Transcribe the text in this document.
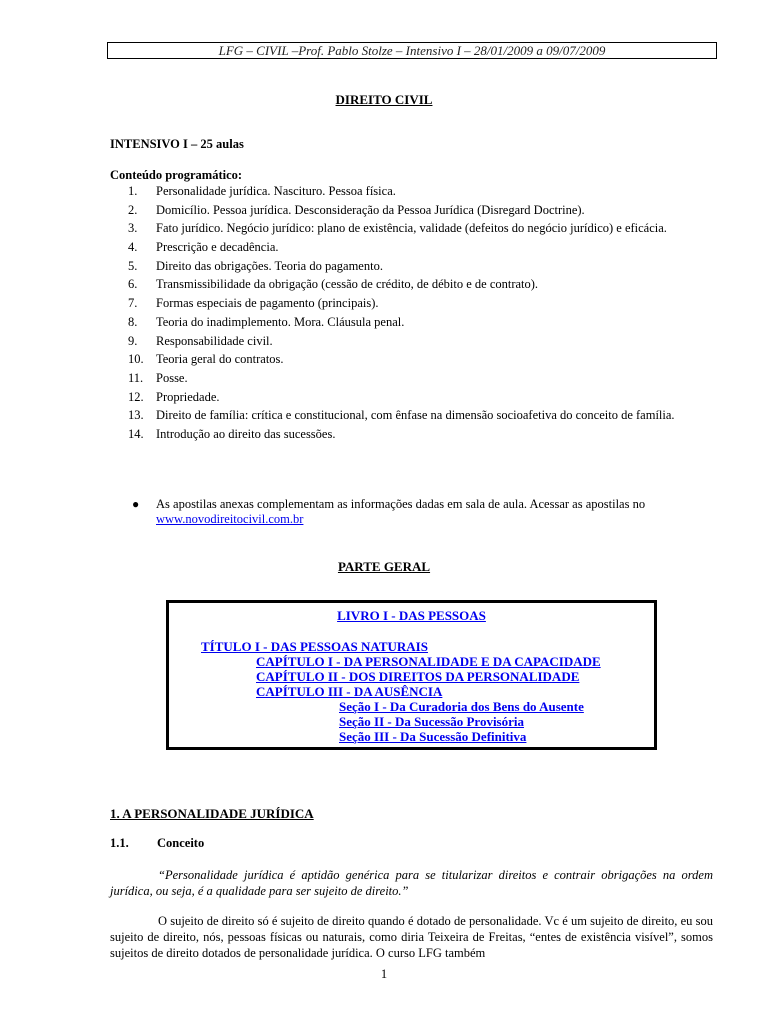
LFG – CIVIL –Prof. Pablo Stolze – Intensivo I – 28/01/2009 a 09/07/2009
DIREITO CIVIL
INTENSIVO I – 25 aulas
Conteúdo programático:
1. Personalidade jurídica. Nascituro. Pessoa física.
2. Domicílio. Pessoa jurídica. Desconsideração da Pessoa Jurídica (Disregard Doctrine).
3. Fato jurídico. Negócio jurídico: plano de existência, validade (defeitos do negócio jurídico) e eficácia.
4. Prescrição e decadência.
5. Direito das obrigações. Teoria do pagamento.
6. Transmissibilidade da obrigação (cessão de crédito, de débito e de contrato).
7. Formas especiais de pagamento (principais).
8. Teoria do inadimplemento. Mora. Cláusula penal.
9. Responsabilidade civil.
10. Teoria geral do contratos.
11. Posse.
12. Propriedade.
13. Direito de família: crítica e constitucional, com ênfase na dimensão socioafetiva do conceito de família.
14. Introdução ao direito das sucessões.
● As apostilas anexas complementam as informações dadas em sala de aula. Acessar as apostilas no www.novodireitocivil.com.br
PARTE GERAL
LIVRO I - DAS PESSOAS
TÍTULO I - DAS PESSOAS NATURAIS
CAPÍTULO I - DA PERSONALIDADE E DA CAPACIDADE
CAPÍTULO II - DOS DIREITOS DA PERSONALIDADE
CAPÍTULO III - DA AUSÊNCIA
Seção I - Da Curadoria dos Bens do Ausente
Seção II - Da Sucessão Provisória
Seção III - Da Sucessão Definitiva
1. A PERSONALIDADE JURÍDICA
1.1. Conceito
“Personalidade jurídica é aptidão genérica para se titularizar direitos e contrair obrigações na ordem jurídica, ou seja, é a qualidade para ser sujeito de direito.”
O sujeito de direito só é sujeito de direito quando é dotado de personalidade. Vc é um sujeito de direito, eu sou sujeito de direito, nós, pessoas físicas ou naturais, como diria Teixeira de Freitas, “entes de existência visível”, somos sujeitos de direito dotados de personalidade jurídica. O curso LFG também
1
